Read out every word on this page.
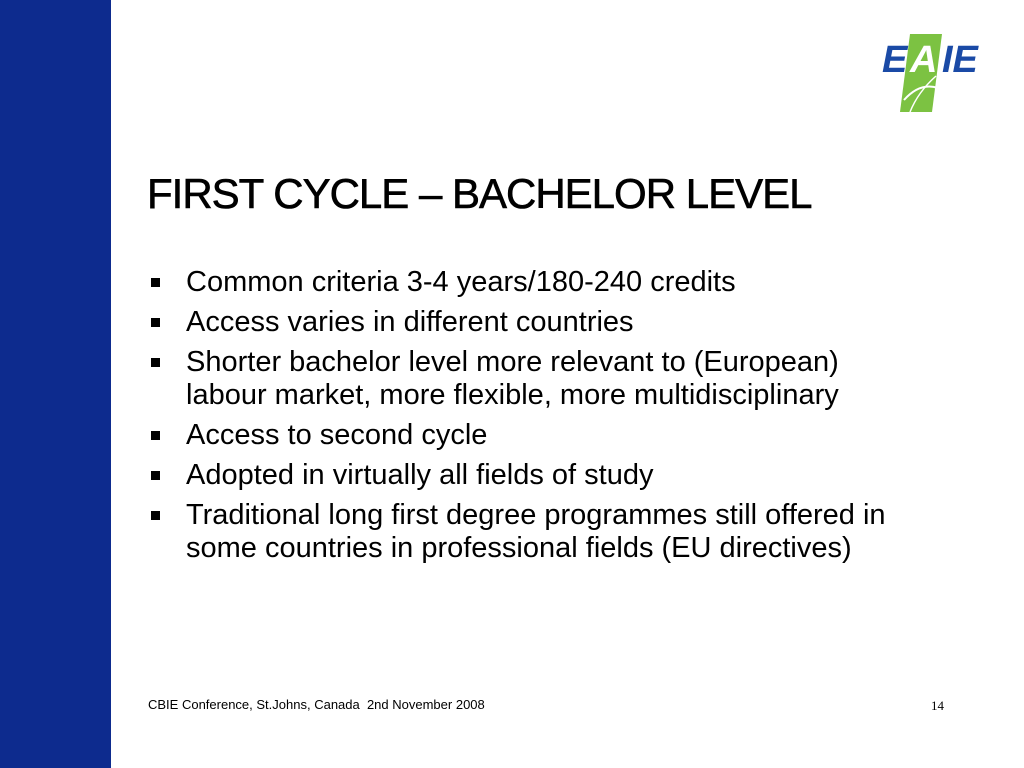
E A IE
FIRST CYCLE – BACHELOR LEVEL
Common criteria 3-4 years/180-240 credits
Access varies in different countries
Shorter bachelor level more relevant to (European) labour market, more flexible, more multidisciplinary
Access to second cycle
Adopted in virtually all fields of study
Traditional long first degree programmes still offered in some countries in professional fields (EU directives)
CBIE Conference, St.Johns, Canada  2nd November 2008	14
